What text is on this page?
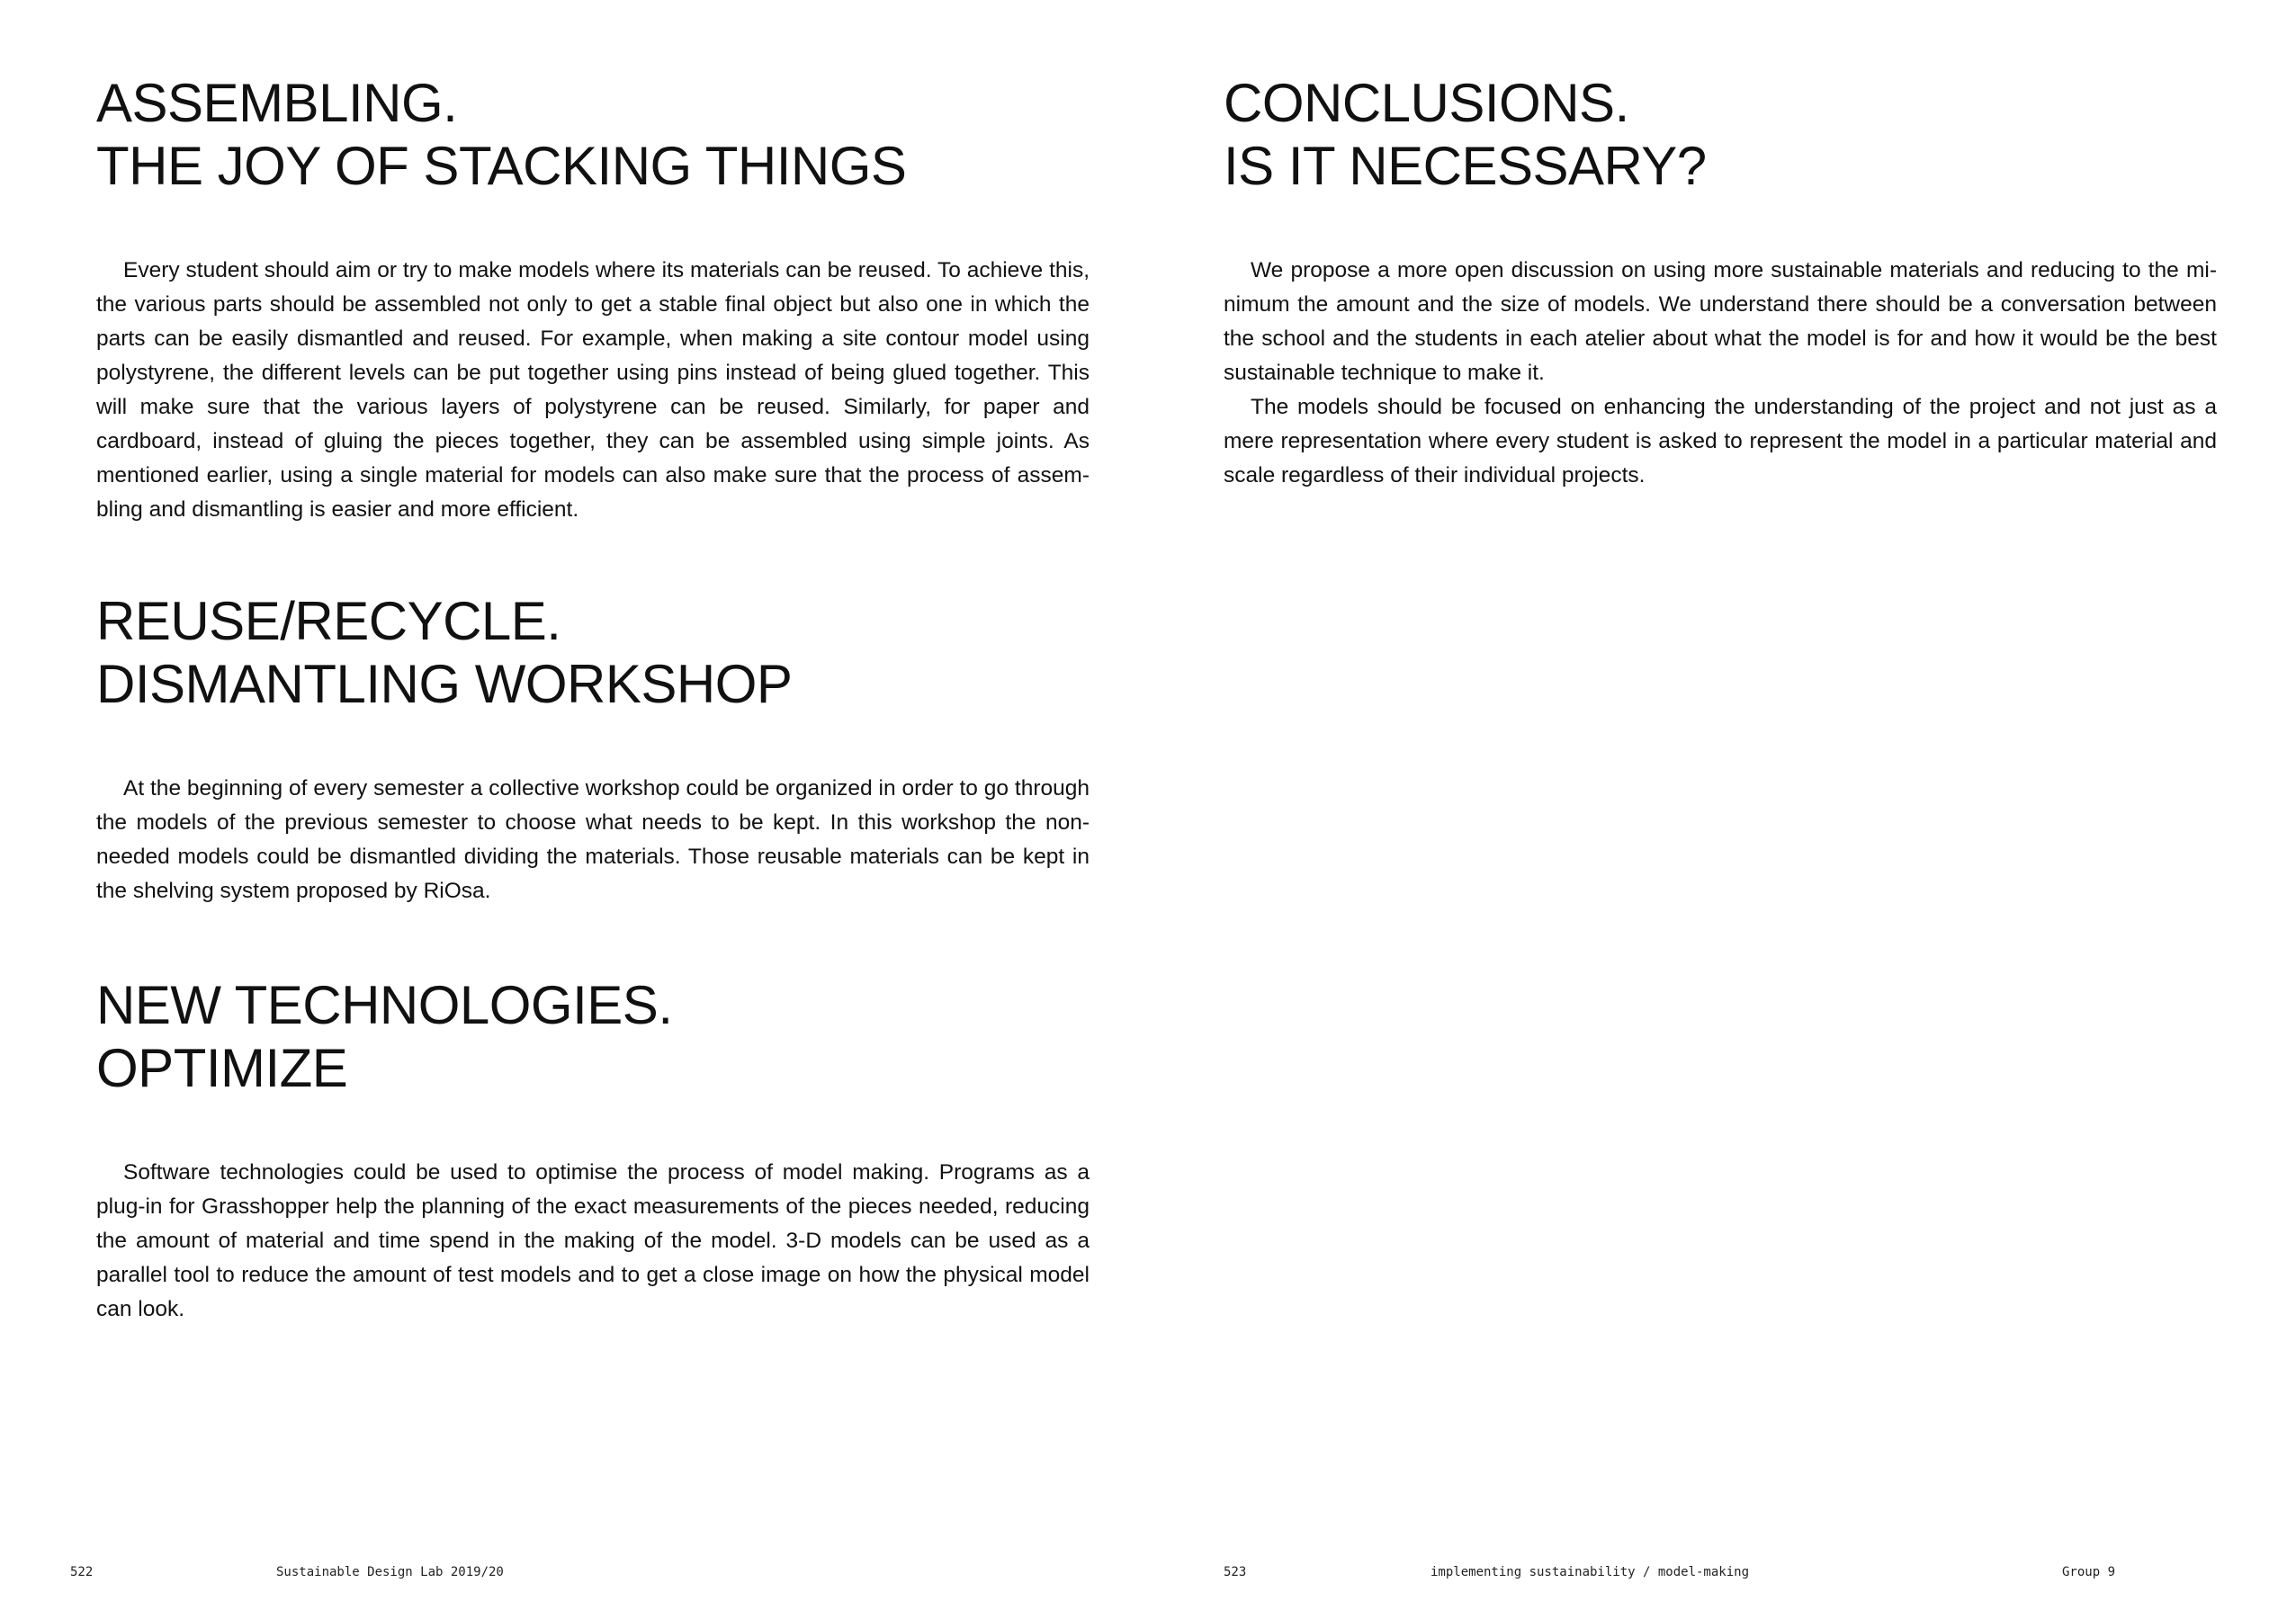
ASSEMBLING.
THE JOY OF STACKING THINGS

Every student should aim or try to make models where its materials can be reused. To achieve this, the various parts should be assembled not only to get a stable final object but also one in which the parts can be easily dismantled and reused. For example, when making a site contour model using polystyrene, the different levels can be put together using pins instead of being glued together. This will make sure that the various layers of polystyrene can be reused. Similarly, for paper and cardboard, instead of gluing the pieces together, they can be assembled using simple joints. As mentioned earlier, using a single material for models can also make sure that the process of assembling and dismantling is easier and more efficient.

REUSE/RECYCLE.
DISMANTLING WORKSHOP

At the beginning of every semester a collective workshop could be organized in order to go through the models of the previous semester to choose what needs to be kept. In this workshop the non-needed models could be dismantled dividing the materials. Those reusable materials can be kept in the shelving system proposed by RiOsa.

NEW TECHNOLOGIES.
OPTIMIZE

Software technologies could be used to optimise the process of model making. Programs as a plug-in for Grasshopper help the planning of the exact measurements of the pieces needed, reducing the amount of material and time spend in the making of the model. 3-D models can be used as a parallel tool to reduce the amount of test models and to get a close image on how the physical model can look.

522	Sustainable Design Lab 2019/20
CONCLUSIONS.
IS IT NECESSARY?

We propose a more open discussion on using more sustainable materials and reducing to the minimum the amount and the size of models. We understand there should be a conversation between the school and the students in each atelier about what the model is for and how it would be the best sustainable technique to make it.

The models should be focused on enhancing the understanding of the project and not just as a mere representation where every student is asked to represent the model in a particular material and scale regardless of their individual projects.

523	implementing sustainability / model-making	Group 9
